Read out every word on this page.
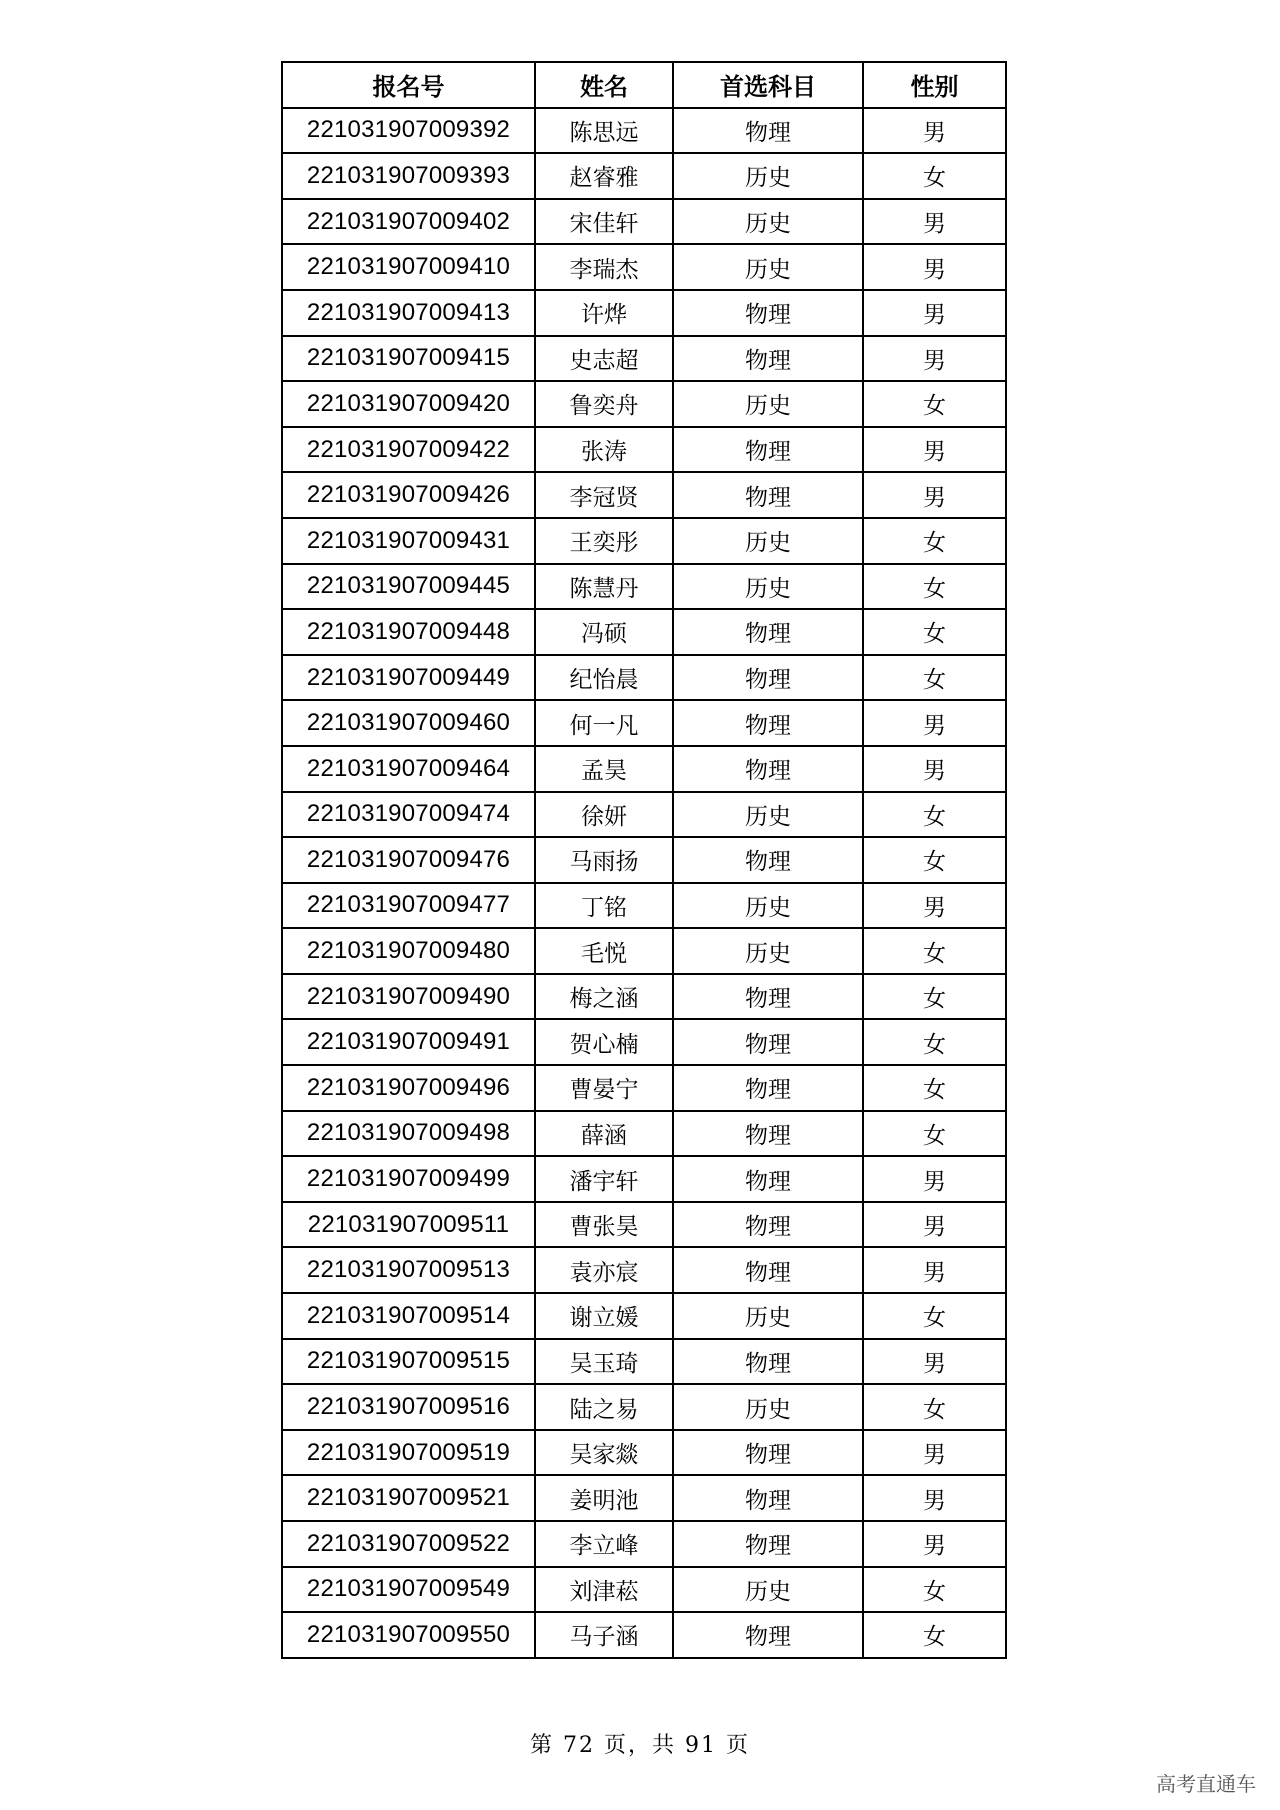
报名号	姓名	首选科目	性别
221031907009392	陈思远	物理	男
221031907009393	赵睿雅	历史	女
221031907009402	宋佳轩	历史	男
221031907009410	李瑞杰	历史	男
221031907009413	许烨	物理	男
221031907009415	史志超	物理	男
221031907009420	鲁奕舟	历史	女
221031907009422	张涛	物理	男
221031907009426	李冠贤	物理	男
221031907009431	王奕彤	历史	女
221031907009445	陈慧丹	历史	女
221031907009448	冯硕	物理	女
221031907009449	纪怡晨	物理	女
221031907009460	何一凡	物理	男
221031907009464	孟昊	物理	男
221031907009474	徐妍	历史	女
221031907009476	马雨扬	物理	女
221031907009477	丁铭	历史	男
221031907009480	毛悦	历史	女
221031907009490	梅之涵	物理	女
221031907009491	贺心楠	物理	女
221031907009496	曹晏宁	物理	女
221031907009498	薛涵	物理	女
221031907009499	潘宇轩	物理	男
221031907009511	曹张昊	物理	男
221031907009513	袁亦宸	物理	男
221031907009514	谢立媛	历史	女
221031907009515	吴玉琦	物理	男
221031907009516	陆之易	历史	女
221031907009519	吴家燚	物理	男
221031907009521	姜明池	物理	男
221031907009522	李立峰	物理	男
221031907009549	刘津菘	历史	女
221031907009550	马子涵	物理	女
第 72 页，共 91 页
高考直通车
